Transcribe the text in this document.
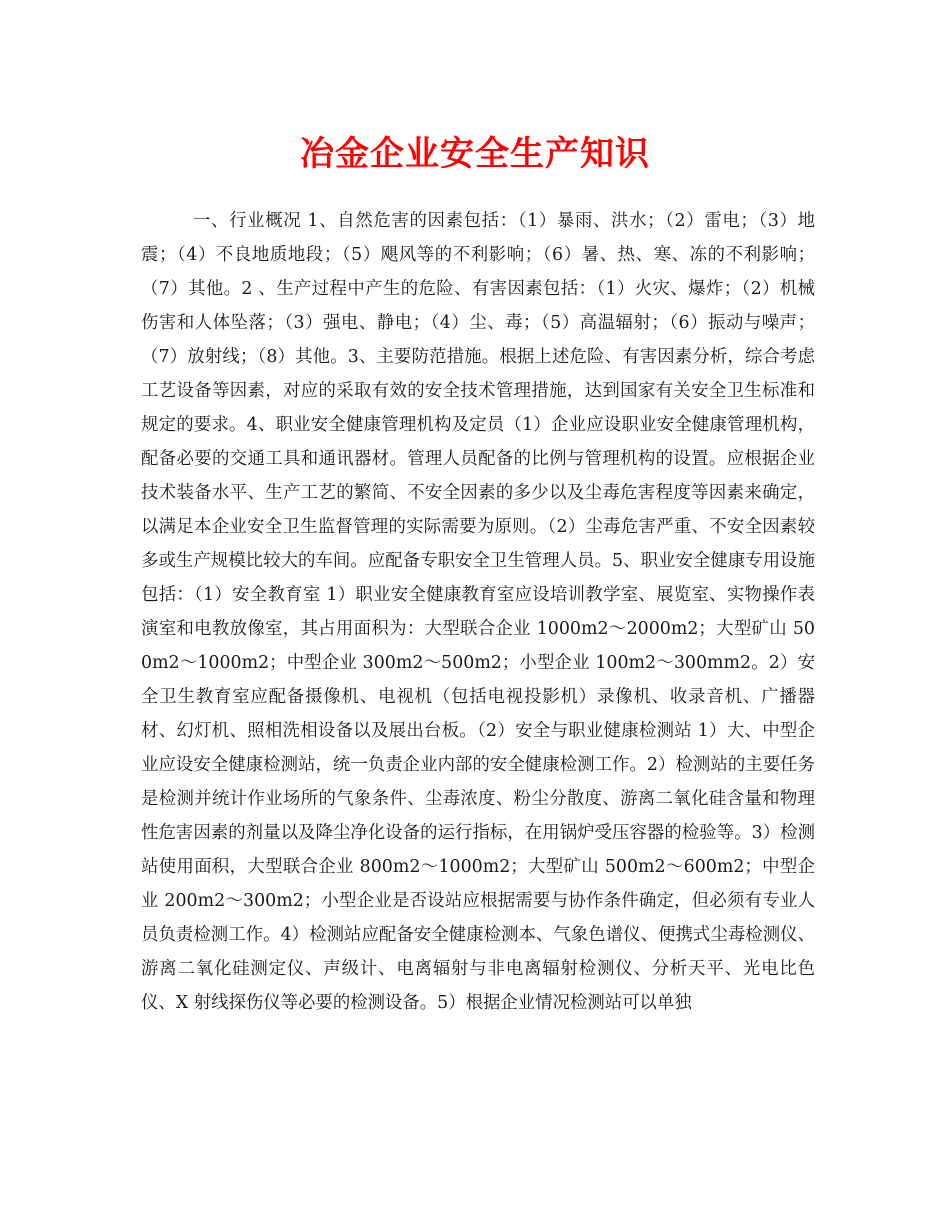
冶金企业安全生产知识

一、行业概况 1、自然危害的因素包括：（1）暴雨、洪水；（2）雷电；（3）地震；（4）不良地质地段；（5）飓风等的不利影响；（6）暑、热、寒、冻的不利影响；（7）其他。2 、生产过程中产生的危险、有害因素包括：（1）火灾、爆炸；（2）机械伤害和人体坠落；（3）强电、静电；（4）尘、毒；（5）高温辐射；（6）振动与噪声；（7）放射线；（8）其他。3、主要防范措施。根据上述危险、有害因素分析，综合考虑工艺设备等因素，对应的采取有效的安全技术管理措施，达到国家有关安全卫生标准和规定的要求。4、职业安全健康管理机构及定员（1）企业应设职业安全健康管理机构，配备必要的交通工具和通讯器材。管理人员配备的比例与管理机构的设置。应根据企业技术装备水平、生产工艺的繁简、不安全因素的多少以及尘毒危害程度等因素来确定，以满足本企业安全卫生监督管理的实际需要为原则。（2）尘毒危害严重、不安全因素较多或生产规模比较大的车间。应配备专职安全卫生管理人员。5、职业安全健康专用设施包括：（1）安全教育室 1）职业安全健康教育室应设培训教学室、展览室、实物操作表演室和电教放像室，其占用面积为：大型联合企业 1000m2～2000m2；大型矿山 500m2～1000m2；中型企业 300m2～500m2；小型企业 100m2～300mm2。2）安全卫生教育室应配备摄像机、电视机（包括电视投影机）录像机、收录音机、广播器材、幻灯机、照相洗相设备以及展出台板。（2）安全与职业健康检测站 1）大、中型企业应设安全健康检测站，统一负责企业内部的安全健康检测工作。2）检测站的主要任务是检测并统计作业场所的气象条件、尘毒浓度、粉尘分散度、游离二氧化硅含量和物理性危害因素的剂量以及降尘净化设备的运行指标，在用锅炉受压容器的检验等。3）检测站使用面积，大型联合企业 800m2～1000m2；大型矿山 500m2～600m2；中型企业 200m2～300m2；小型企业是否设站应根据需要与协作条件确定，但必须有专业人员负责检测工作。4）检测站应配备安全健康检测本、气象色谱仪、便携式尘毒检测仪、游离二氧化硅测定仪、声级计、电离辐射与非电离辐射检测仪、分析天平、光电比色仪、X 射线探伤仪等必要的检测设备。5）根据企业情况检测站可以单独
